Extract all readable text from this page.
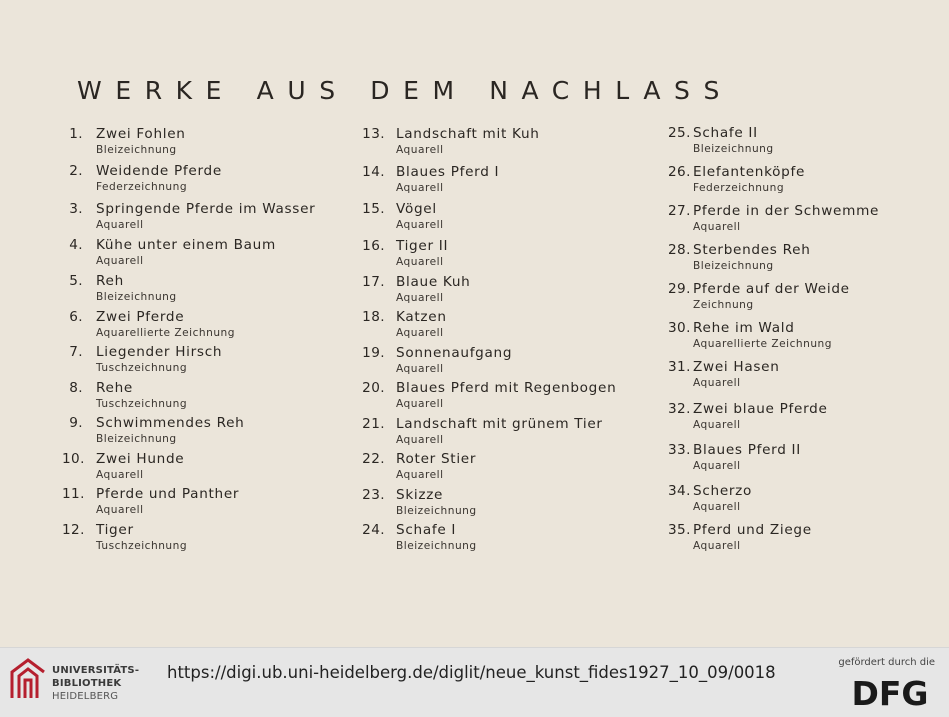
WERKE AUS DEM NACHLASS
1. Zwei Fohlen
Bleizeichnung
2. Weidende Pferde
Federzeichnung
3. Springende Pferde im Wasser
Aquarell
4. Kühe unter einem Baum
Aquarell
5. Reh
Bleizeichnung
6. Zwei Pferde
Aquarellierte Zeichnung
7. Liegender Hirsch
Tuschzeichnung
8. Rehe
Tuschzeichnung
9. Schwimmendes Reh
Bleizeichnung
10. Zwei Hunde
Aquarell
11. Pferde und Panther
Aquarell
12. Tiger
Tuschzeichnung
13. Landschaft mit Kuh
Aquarell
14. Blaues Pferd I
Aquarell
15. Vögel
Aquarell
16. Tiger II
Aquarell
17. Blaue Kuh
Aquarell
18. Katzen
Aquarell
19. Sonnenaufgang
Aquarell
20. Blaues Pferd mit Regenbogen
Aquarell
21. Landschaft mit grünem Tier
Aquarell
22. Roter Stier
Aquarell
23. Skizze
Bleizeichnung
24. Schafe I
Bleizeichnung
25. Schafe II
Bleizeichnung
26. Elefantenköpfe
Federzeichnung
27. Pferde in der Schwemme
Aquarell
28. Sterbendes Reh
Bleizeichnung
29. Pferde auf der Weide
Zeichnung
30. Rehe im Wald
Aquarellierte Zeichnung
31. Zwei Hasen
Aquarell
32. Zwei blaue Pferde
Aquarell
33. Blaues Pferd II
Aquarell
34. Scherzo
Aquarell
35. Pferd und Ziege
Aquarell
UNIVERSITÄTS-
BIBLIOTHEK
HEIDELBERG
https://digi.ub.uni-heidelberg.de/diglit/neue_kunst_fides1927_10_09/0018
gefördert durch die
DFG
